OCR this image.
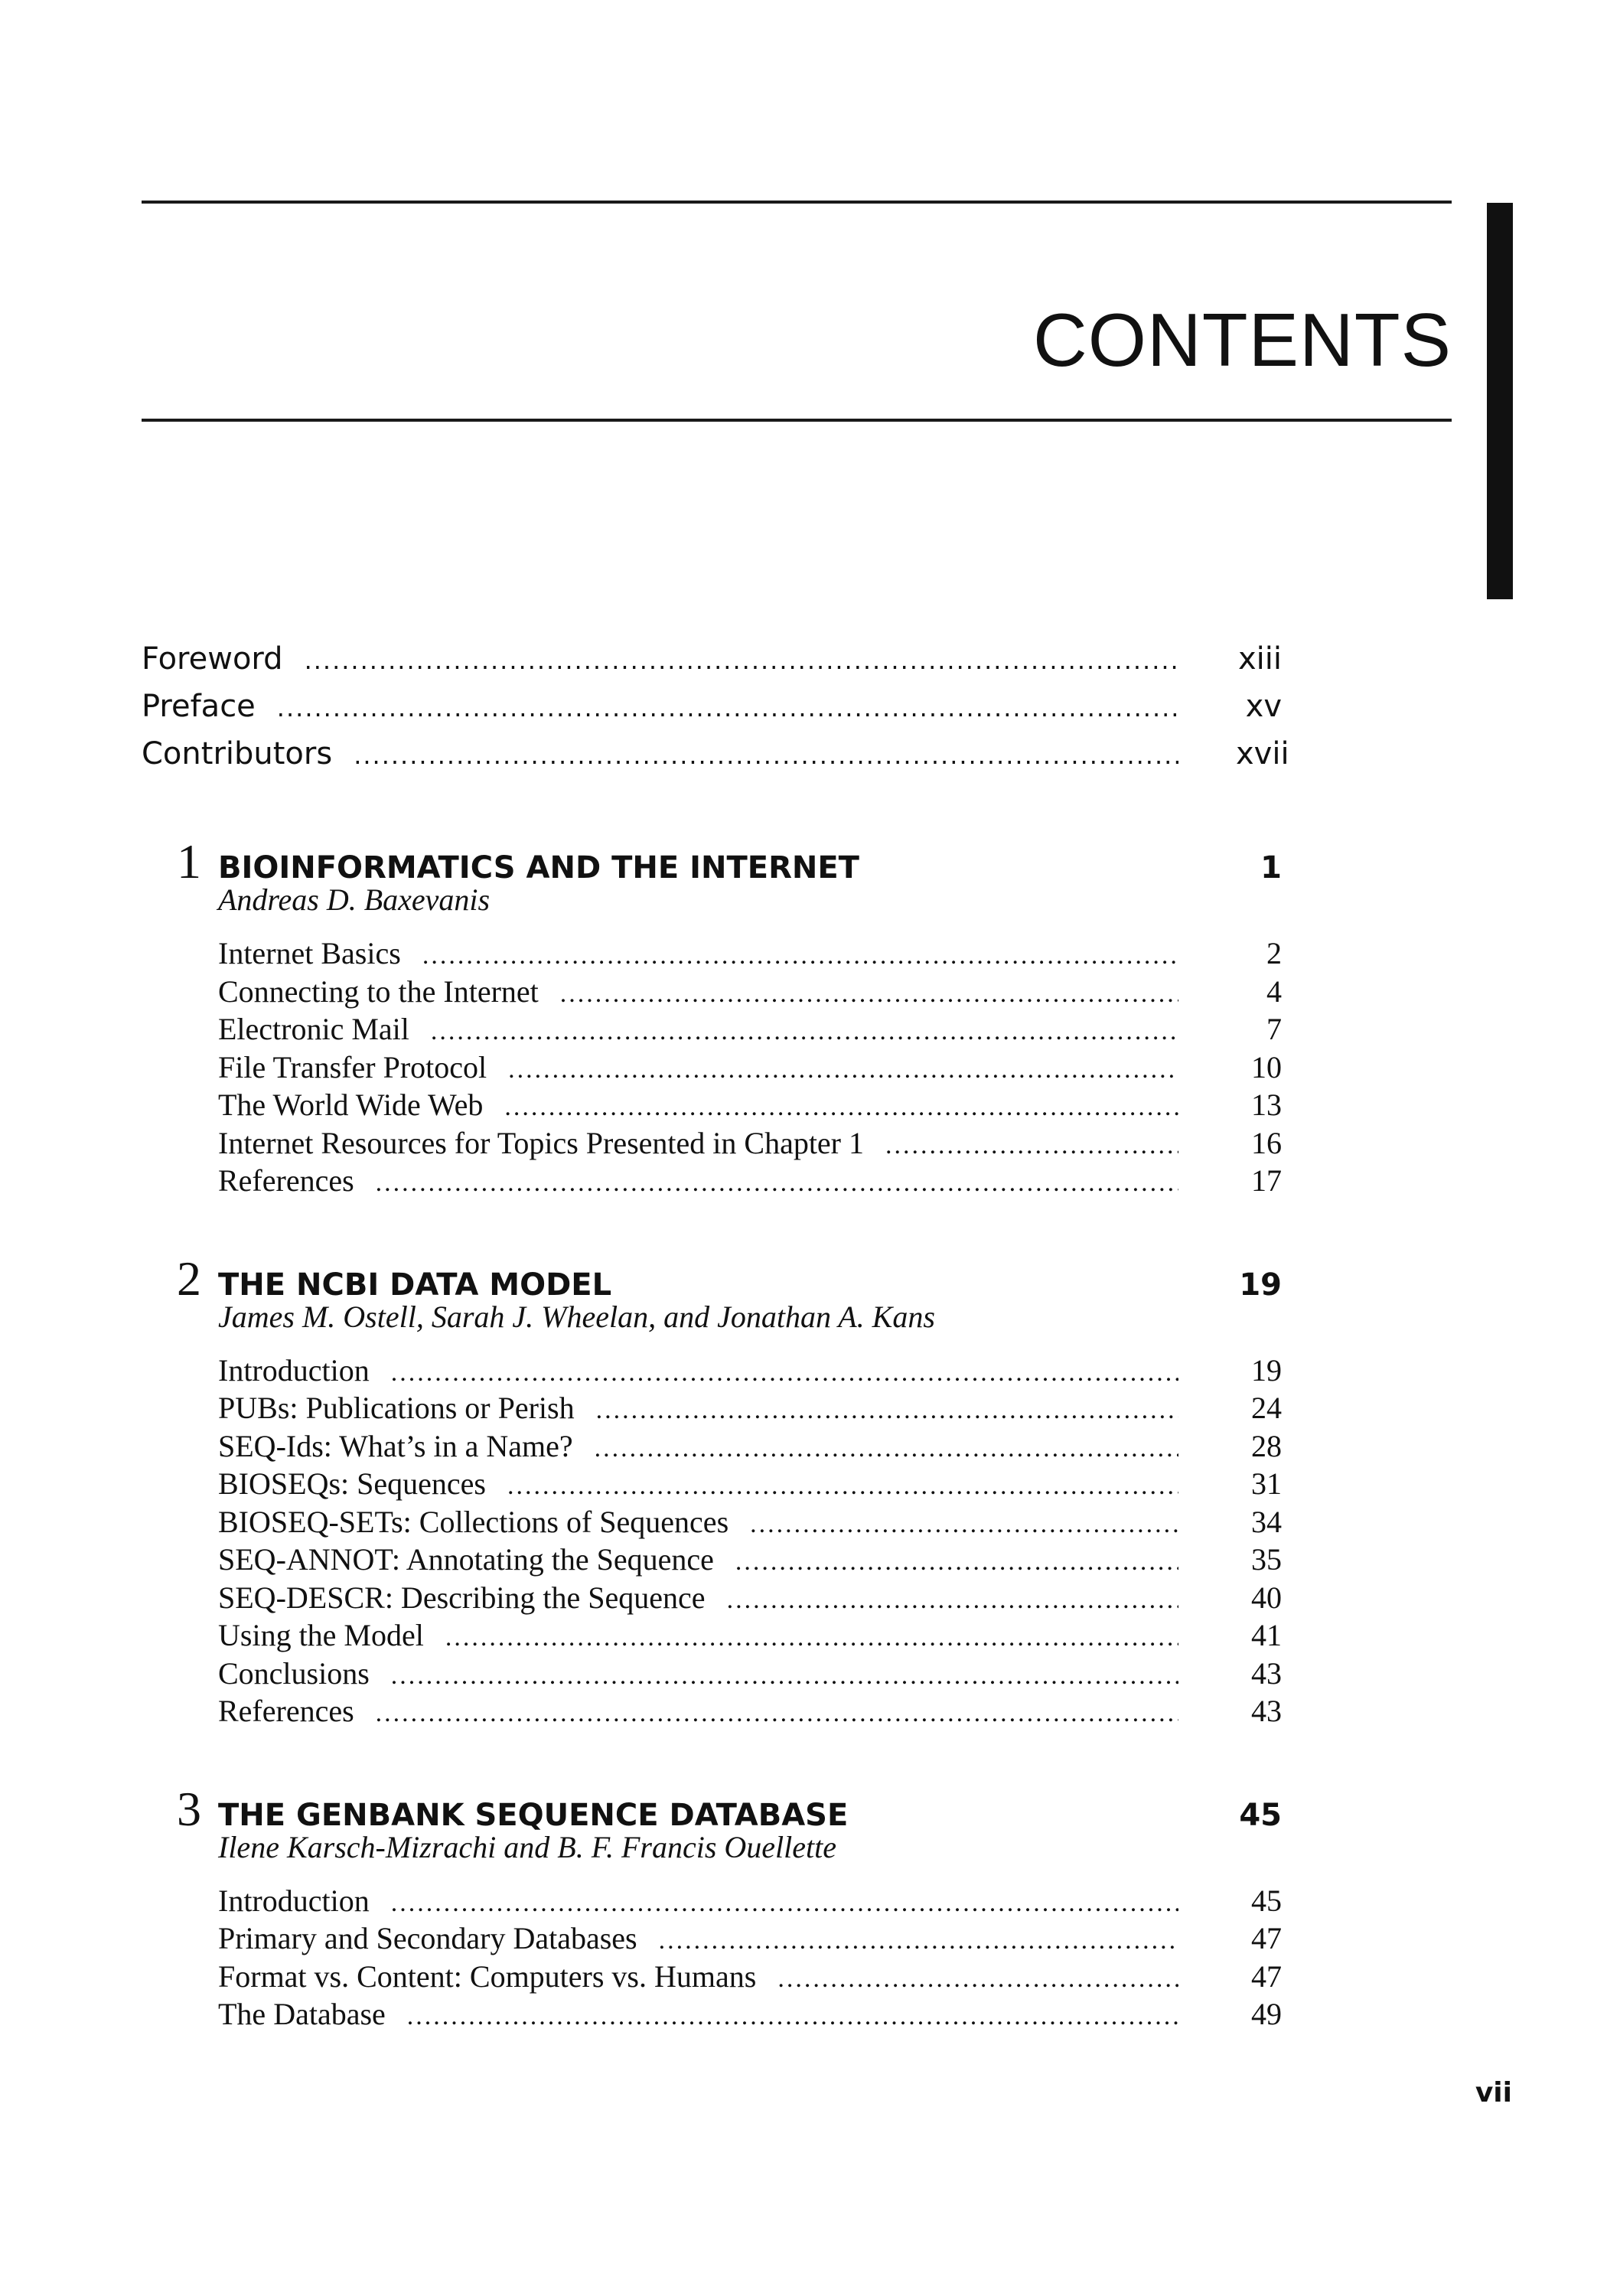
CONTENTS
Foreword .....	xiii
Preface .....	xv
Contributors .....	xvii
1 BIOINFORMATICS AND THE INTERNET	1
Andreas D. Baxevanis
Internet Basics .....	2
Connecting to the Internet .....	4
Electronic Mail .....	7
File Transfer Protocol .....	10
The World Wide Web .....	13
Internet Resources for Topics Presented in Chapter 1 .....	16
References .....	17
2 THE NCBI DATA MODEL	19
James M. Ostell, Sarah J. Wheelan, and Jonathan A. Kans
Introduction .....	19
PUBs: Publications or Perish .....	24
SEQ-Ids: What’s in a Name? .....	28
BIOSEQs: Sequences .....	31
BIOSEQ-SETs: Collections of Sequences .....	34
SEQ-ANNOT: Annotating the Sequence .....	35
SEQ-DESCR: Describing the Sequence .....	40
Using the Model .....	41
Conclusions .....	43
References .....	43
3 THE GENBANK SEQUENCE DATABASE	45
Ilene Karsch-Mizrachi and B. F. Francis Ouellette
Introduction .....	45
Primary and Secondary Databases .....	47
Format vs. Content: Computers vs. Humans .....	47
The Database .....	49
vii
